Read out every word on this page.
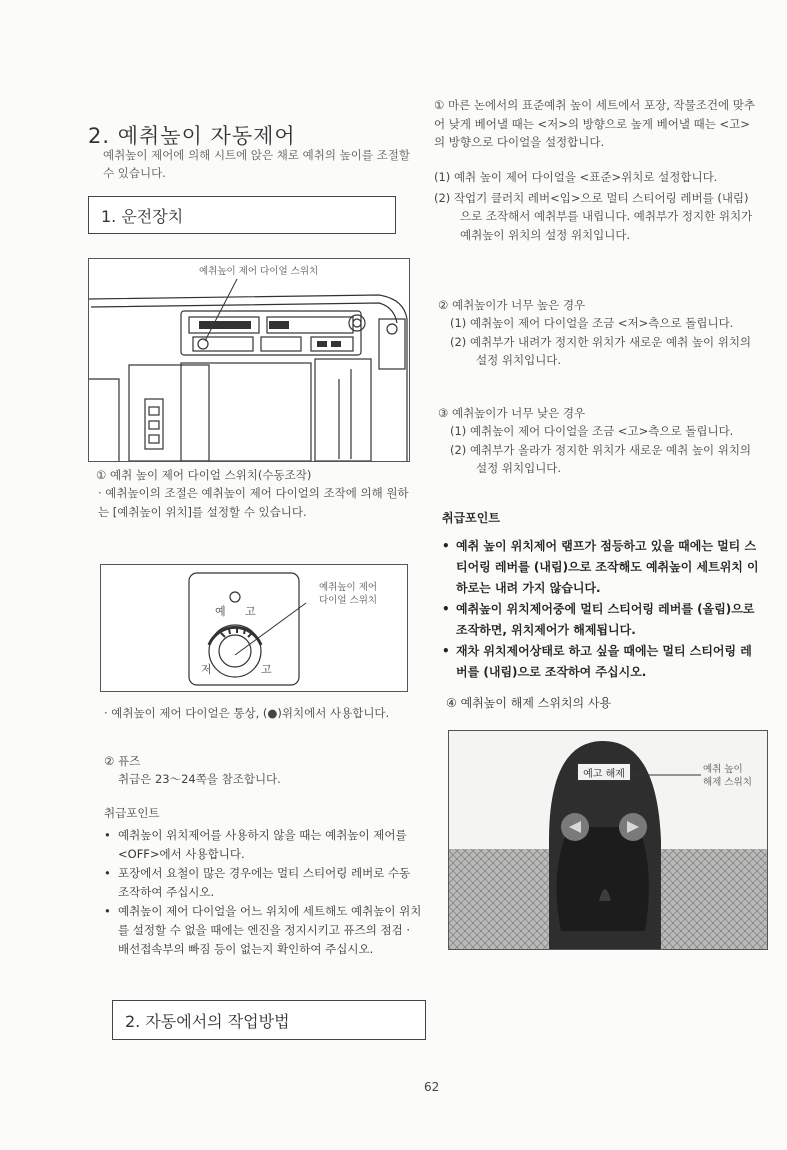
2. 예취높이 자동제어
예취높이 제어에 의해 시트에 앉은 채로 예취의 높이를 조절할 수 있습니다.
1. 운전장치
예취높이 제어 다이얼 스위치
① 예취 높이 제어 다이얼 스위치(수동조작)
· 예취높이의 조절은 예취높이 제어 다이얼의 조작에 의해 원하는 [예취높이 위치]를 설정할 수 있습니다.
예 고
저	고
예취높이 제어
다이얼 스위치
· 예취높이 제어 다이얼은 통상, (●)위치에서 사용합니다.
② 퓨즈
취급은 23～24쪽을 참조합니다.
취급포인트
• 예취높이 위치제어를 사용하지 않을 때는 예취높이 제어를 <OFF>에서 사용합니다.
• 포장에서 요철이 많은 경우에는 멀티 스티어링 레버로 수동 조작하여 주십시오.
• 예취높이 제어 다이얼을 어느 위치에 세트해도 예취높이 위치를 설정할 수 없을 때에는 엔진을 정지시키고 퓨즈의 점검 · 배선접속부의 빠짐 등이 없는지 확인하여 주십시오.
2. 자동에서의 작업방법
① 마른 논에서의 표준예취 높이 세트에서 포장, 작물조건에 맞추어 낮게 베어낼 때는 <저>의 방향으로 높게 베어낼 때는 <고>의 방향으로 다이얼을 설정합니다.
(1) 예취 높이 제어 다이얼을 <표준>위치로 설정합니다.
(2) 작업기 클러치 레버<입>으로 멀티 스티어링 레버를 (내림)으로 조작해서 예취부를 내립니다. 예취부가 정지한 위치가 예취높이 위치의 설정 위치입니다.
② 예취높이가 너무 높은 경우
(1) 예취높이 제어 다이얼을 조금 <저>측으로 돌립니다.
(2) 예취부가 내려가 정지한 위치가 새로운 예취 높이 위치의 설정 위치입니다.
③ 예취높이가 너무 낮은 경우
(1) 예취높이 제어 다이얼을 조금 <고>측으로 돌립니다.
(2) 예취부가 올라가 정지한 위치가 새로운 예취 높이 위치의 설정 위치입니다.
취급포인트
• 예취 높이 위치제어 램프가 점등하고 있을 때에는 멀티 스티어링 레버를 (내림)으로 조작해도 예취높이 세트위치 이하로는 내려 가지 않습니다.
• 예취높이 위치제어중에 멀티 스티어링 레버를 (올림)으로 조작하면, 위치제어가 해제됩니다.
• 재차 위치제어상태로 하고 싶을 때에는 멀티 스티어링 레버를 (내림)으로 조작하여 주십시오.
④ 예취높이 해제 스위치의 사용
예고 해제	예취 높이
해제 스위치
62
